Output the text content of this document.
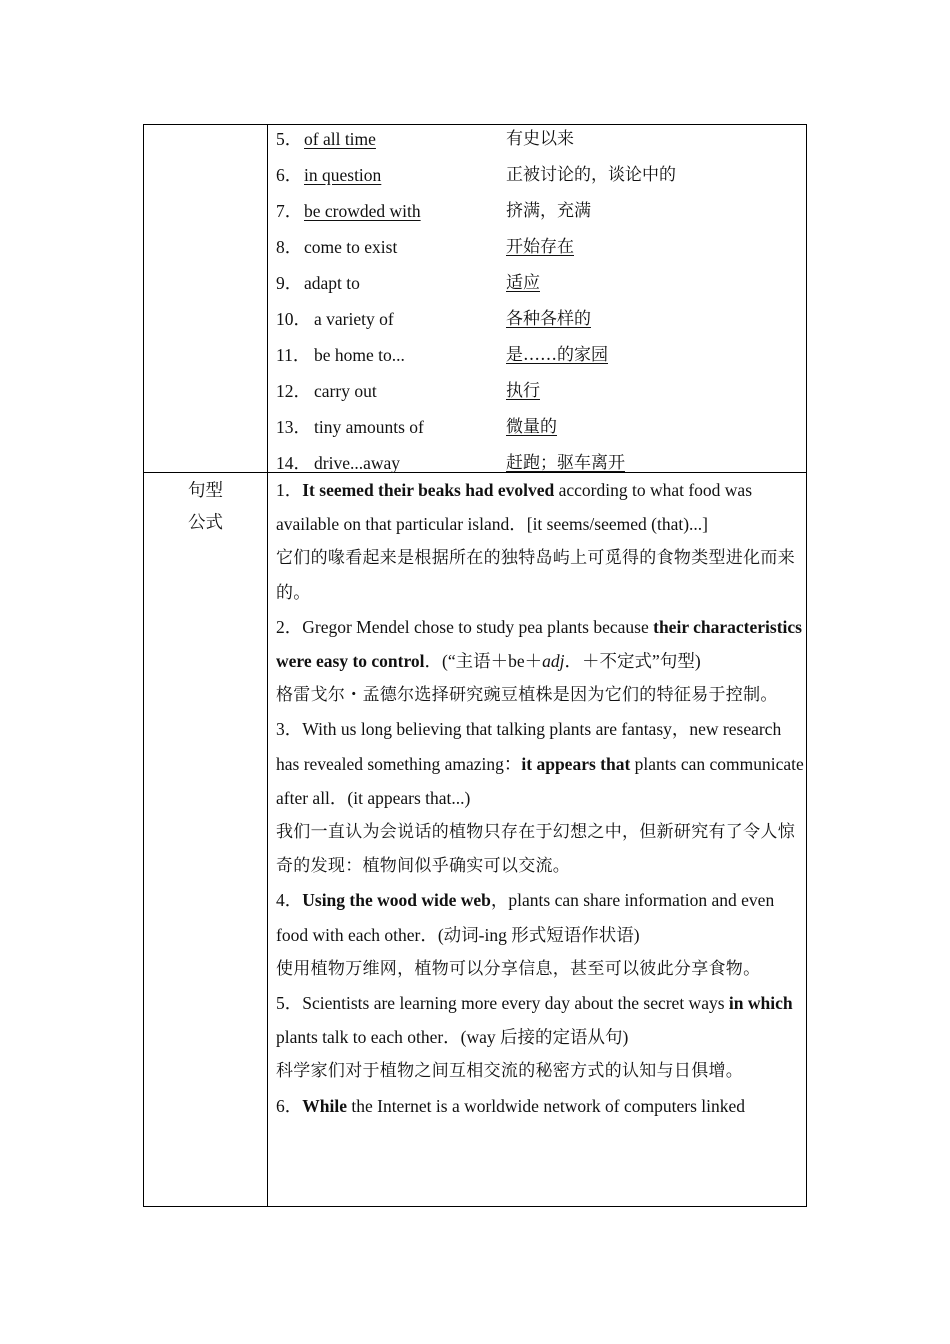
5． of all time	有史以来
6． in question	正被讨论的，谈论中的
7． be crowded with	挤满，充满
8． come to exist	开始存在
9． adapt to	适应
10． a variety of	各种各样的
11． be home to...	是……的家园
12． carry out	执行
13． tiny amounts of	微量的
14． drive...away	赶跑；驱车离开
句型
公式

1．It seemed their beaks had evolved according to what food was available on that particular island．[it seems/seemed (that)...]

它们的喙看起来是根据所在的独特岛屿上可觅得的食物类型进化而来的。

2．Gregor Mendel chose to study pea plants because their characteristics were easy to control．(“主语＋be＋adj．＋不定式”句型)

格雷戈尔・孟德尔选择研究豌豆植株是因为它们的特征易于控制。

3．With us long believing that talking plants are fantasy，new research has revealed something amazing：it appears that plants can communicate after all．(it appears that...)

我们一直认为会说话的植物只存在于幻想之中，但新研究有了令人惊奇的发现：植物间似乎确实可以交流。

4．Using the wood wide web，plants can share information and even food with each other．(动词-ing 形式短语作状语)

使用植物万维网，植物可以分享信息，甚至可以彼此分享食物。

5．Scientists are learning more every day about the secret ways in which plants talk to each other．(way 后接的定语从句)

科学家们对于植物之间互相交流的秘密方式的认知与日俱增。

6．While the Internet is a worldwide network of computers linked
